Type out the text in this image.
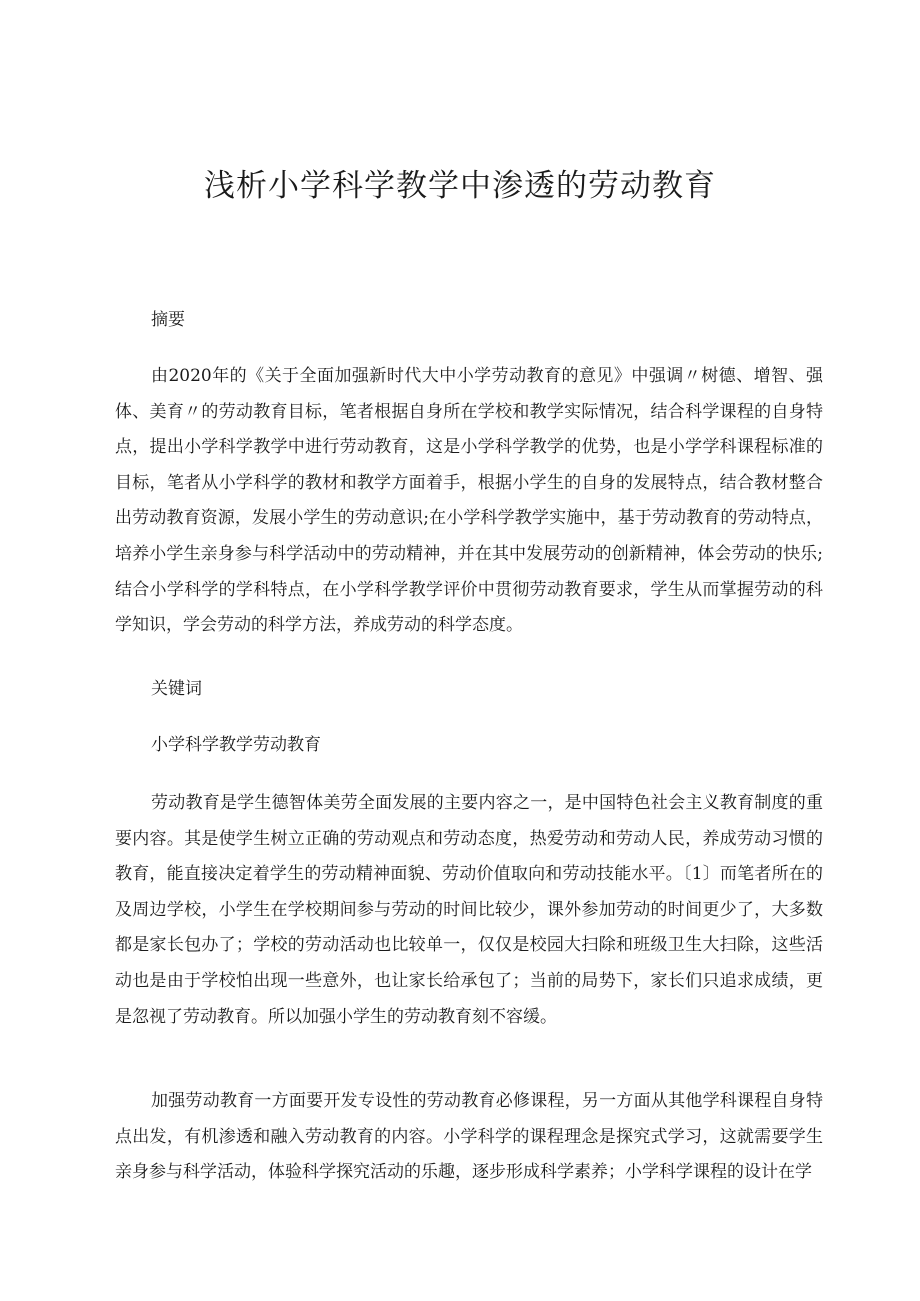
浅析小学科学教学中渗透的劳动教育

摘要

由2020年的《关于全面加强新时代大中小学劳动教育的意见》中强调〃树德、增智、强体、美育〃的劳动教育目标，笔者根据自身所在学校和教学实际情况，结合科学课程的自身特点，提出小学科学教学中进行劳动教育，这是小学科学教学的优势，也是小学学科课程标准的目标，笔者从小学科学的教材和教学方面着手，根据小学生的自身的发展特点，结合教材整合出劳动教育资源，发展小学生的劳动意识;在小学科学教学实施中，基于劳动教育的劳动特点，培养小学生亲身参与科学活动中的劳动精神，并在其中发展劳动的创新精神，体会劳动的快乐;结合小学科学的学科特点，在小学科学教学评价中贯彻劳动教育要求，学生从而掌握劳动的科学知识，学会劳动的科学方法，养成劳动的科学态度。

关键词

小学科学教学劳动教育

劳动教育是学生德智体美劳全面发展的主要内容之一，是中国特色社会主义教育制度的重要内容。其是使学生树立正确的劳动观点和劳动态度，热爱劳动和劳动人民，养成劳动习惯的教育，能直接决定着学生的劳动精神面貌、劳动价值取向和劳动技能水平。〔1〕而笔者所在的及周边学校，小学生在学校期间参与劳动的时间比较少，课外参加劳动的时间更少了，大多数都是家长包办了；学校的劳动活动也比较单一，仅仅是校园大扫除和班级卫生大扫除，这些活动也是由于学校怕出现一些意外，也让家长给承包了；当前的局势下，家长们只追求成绩，更是忽视了劳动教育。所以加强小学生的劳动教育刻不容缓。

加强劳动教育一方面要开发专设性的劳动教育必修课程，另一方面从其他学科课程自身特点出发，有机渗透和融入劳动教育的内容。小学科学的课程理念是探究式学习，这就需要学生亲身参与科学活动，体验科学探究活动的乐趣，逐步形成科学素养；小学科学课程的设计在学
